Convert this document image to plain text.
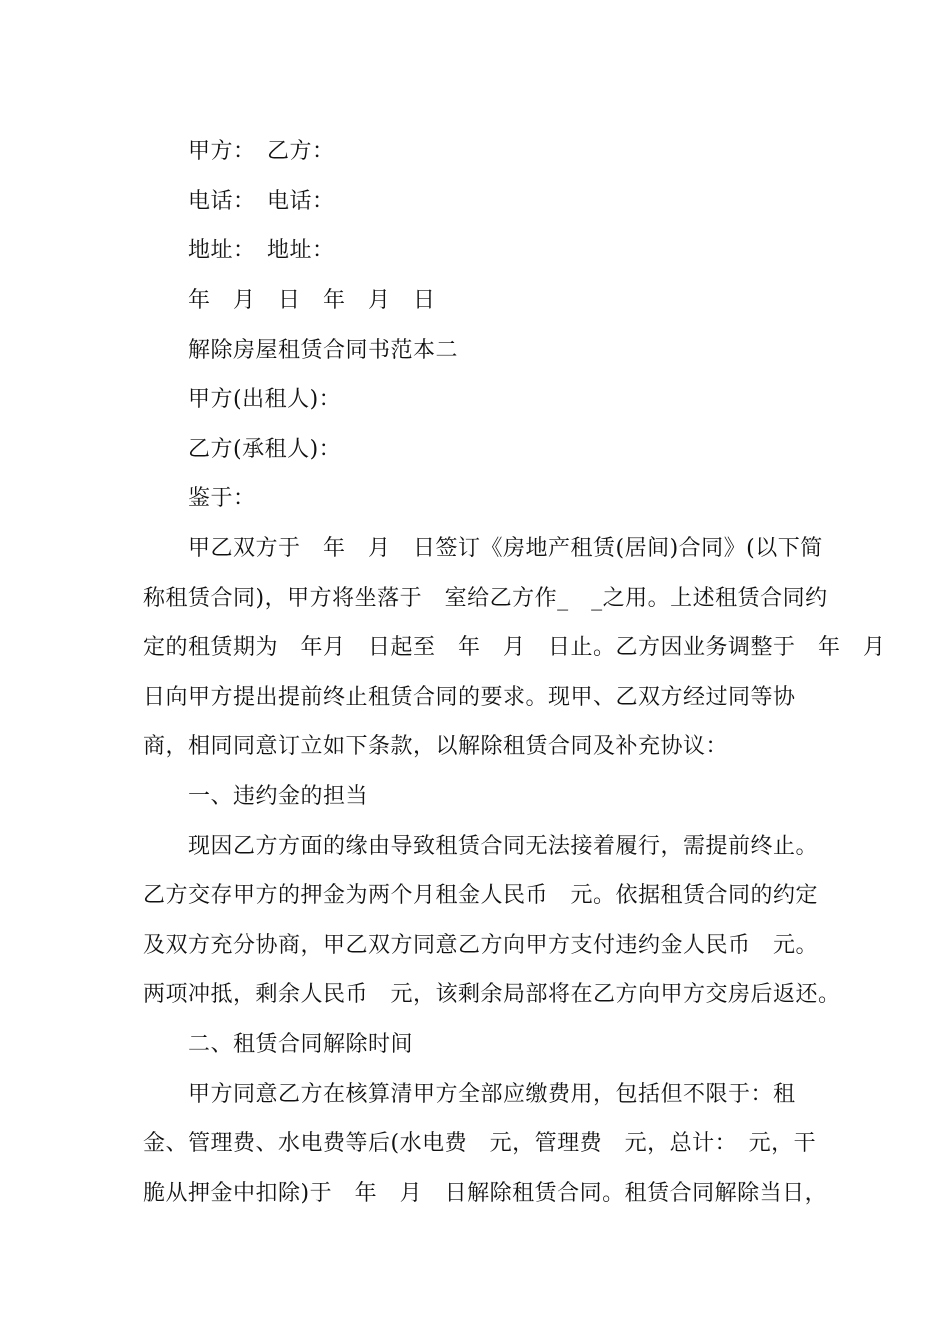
甲方：　乙方：
电话：　电话：
地址：　地址：
年　月　日　年　月　日
解除房屋租赁合同书范本二
甲方(出租人)：
乙方(承租人)：
鉴于：
甲乙双方于　年　月　日签订《房地产租赁(居间)合同》(以下简
称租赁合同)，甲方将坐落于　室给乙方作_　_之用。上述租赁合同约
定的租赁期为　年月　日起至　年　月　日止。乙方因业务调整于　年　月
日向甲方提出提前终止租赁合同的要求。现甲、乙双方经过同等协
商，相同同意订立如下条款，以解除租赁合同及补充协议：
一、违约金的担当
现因乙方方面的缘由导致租赁合同无法接着履行，需提前终止。
乙方交存甲方的押金为两个月租金人民币　元。依据租赁合同的约定
及双方充分协商，甲乙双方同意乙方向甲方支付违约金人民币　元。
两项冲抵，剩余人民币　元，该剩余局部将在乙方向甲方交房后返还。
二、租赁合同解除时间
甲方同意乙方在核算清甲方全部应缴费用，包括但不限于：租
金、管理费、水电费等后(水电费　元，管理费　元，总计：　元，干
脆从押金中扣除)于　年　月　日解除租赁合同。租赁合同解除当日，
